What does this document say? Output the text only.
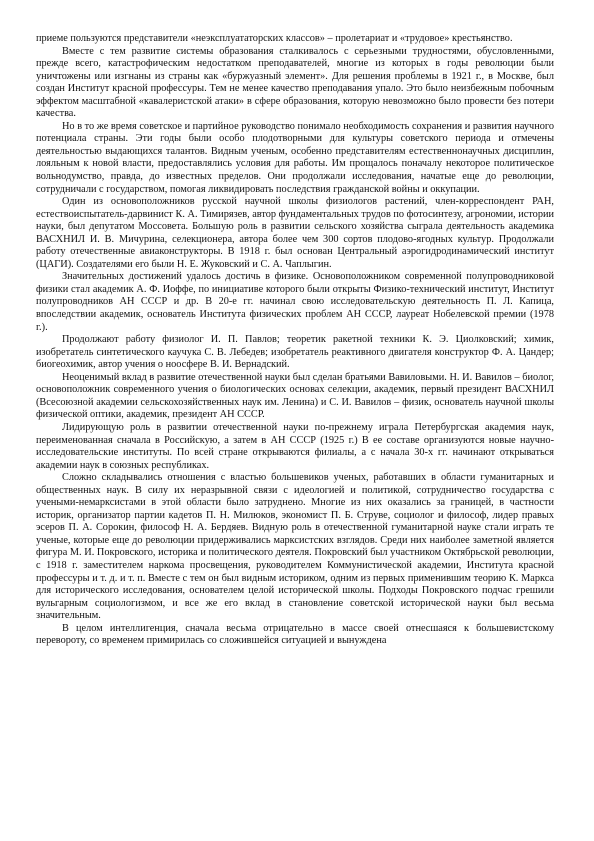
приеме пользуются представители «неэксплуататорских классов» – пролетариат и «трудовое» крестьянство.

Вместе с тем развитие системы образования сталкивалось с серьезными трудностями, обусловленными, прежде всего, катастрофическим недостатком преподавателей, многие из которых в годы революции были уничтожены или изгнаны из страны как «буржуазный элемент». Для решения проблемы в 1921 г., в Москве, был создан Институт красной профессуры. Тем не менее качество преподавания упало. Это было неизбежным побочным эффектом масштабной «кавалеристской атаки» в сфере образования, которую невозможно было провести без потери качества.

Но в то же время советское и партийное руководство понимало необходимость сохранения и развития научного потенциала страны. Эти годы были особо плодотворными для культуры советского периода и отмечены деятельностью выдающихся талантов. Видным ученым, особенно представителям естественнонаучных дисциплин, лояльным к новой власти, предоставлялись условия для работы. Им прощалось поначалу некоторое политическое вольнодумство, правда, до известных пределов. Они продолжали исследования, начатые еще до революции, сотрудничали с государством, помогая ликвидировать последствия гражданской войны и оккупации.

Один из основоположников русской научной школы физиологов растений, член-корреспондент РАН, естествоиспытатель-дарвинист К. А. Тимирязев, автор фундаментальных трудов по фотосинтезу, агрономии, истории науки, был депутатом Моссовета. Большую роль в развитии сельского хозяйства сыграла деятельность академика ВАСХНИЛ И. В. Мичурина, селекционера, автора более чем 300 сортов плодово-ягодных культур. Продолжали работу отечественные авиаконструкторы. В 1918 г. был основан Центральный аэрогидродинамический институт (ЦАГИ). Создателями его были Н. Е. Жуковский и С. А. Чаплыгин.

Значительных достижений удалось достичь в физике. Основоположником современной полупроводниковой физики стал академик А. Ф. Иоффе, по инициативе которого были открыты Физико-технический институт, Институт полупроводников АН СССР и др. В 20-е гг. начинал свою исследовательскую деятельность П. Л. Капица, впоследствии академик, основатель Института физических проблем АН СССР, лауреат Нобелевской премии (1978 г.).

Продолжают работу физиолог И. П. Павлов; теоретик ракетной техники К. Э. Циолковский; химик, изобретатель синтетического каучука С. В. Лебедев; изобретатель реактивного двигателя конструктор Ф. А. Цандер; биогеохимик, автор учения о ноосфере В. И. Вернадский.

Неоценимый вклад в развитие отечественной науки был сделан братьями Вавиловыми. Н. И. Вавилов – биолог, основоположник современного учения о биологических основах селекции, академик, первый президент ВАСХНИЛ (Всесоюзной академии сельскохозяйственных наук им. Ленина) и С. И. Вавилов – физик, основатель научной школы физической оптики, академик, президент АН СССР.

Лидирующую роль в развитии отечественной науки по-прежнему играла Петербургская академия наук, переименованная сначала в Российскую, а затем в АН СССР (1925 г.) В ее составе организуются новые научно-исследовательские институты. По всей стране открываются филиалы, а с начала 30-х гг. начинают открываться академии наук в союзных республиках.

Сложно складывались отношения с властью большевиков ученых, работавших в области гуманитарных и общественных наук. В силу их неразрывной связи с идеологией и политикой, сотрудничество государства с учеными-немарксистами в этой области было затруднено. Многие из них оказались за границей, в частности историк, организатор партии кадетов П. Н. Милюков, экономист П. Б. Струве, социолог и философ, лидер правых эсеров П. А. Сорокин, философ Н. А. Бердяев. Видную роль в отечественной гуманитарной науке стали играть те ученые, которые еще до революции придерживались марксистских взглядов. Среди них наиболее заметной является фигура М. И. Покровского, историка и политического деятеля. Покровский был участником Октябрьской революции, с 1918 г. заместителем наркома просвещения, руководителем Коммунистической академии, Института красной профессуры и т. д. и т. п. Вместе с тем он был видным историком, одним из первых применившим теорию К. Маркса для исторического исследования, основателем целой исторической школы. Подходы Покровского подчас грешили вульгарным социологизмом, и все же его вклад в становление советской исторической науки был весьма значительным.

В целом интеллигенция, сначала весьма отрицательно в массе своей отнесшаяся к большевистскому перевороту, со временем примирилась со сложившейся ситуацией и вынуждена
